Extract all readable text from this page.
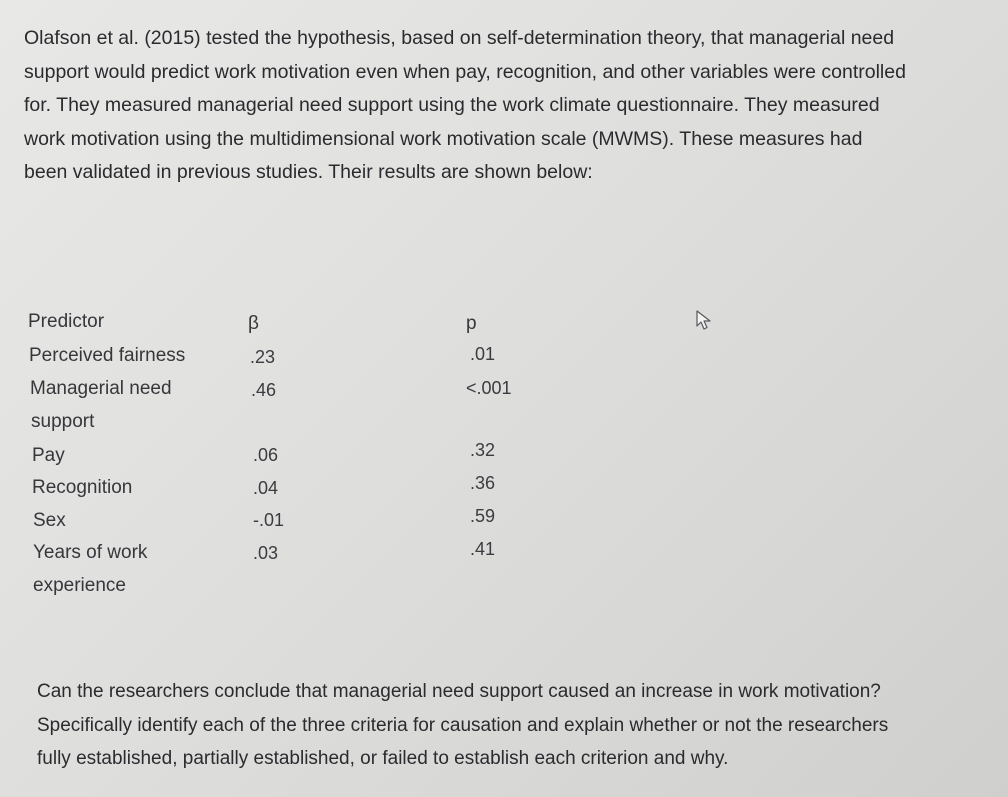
Olafson et al. (2015) tested the hypothesis, based on self-determination theory, that managerial need
support would predict work motivation even when pay, recognition, and other variables were controlled
for. They measured managerial need support using the work climate questionnaire. They measured
work motivation using the multidimensional work motivation scale (MWMS). These measures had
been validated in previous studies. Their results are shown below:
Predictor	β	p
Perceived fairness	.23	.01
Managerial need
support
.46	<.001
Pay	.06	.32
Recognition	.04	.36
Sex	-.01	.59
Years of work
experience
.03	.41
Can the researchers conclude that managerial need support caused an increase in work motivation?
Specifically identify each of the three criteria for causation and explain whether or not the researchers
fully established, partially established, or failed to establish each criterion and why.
